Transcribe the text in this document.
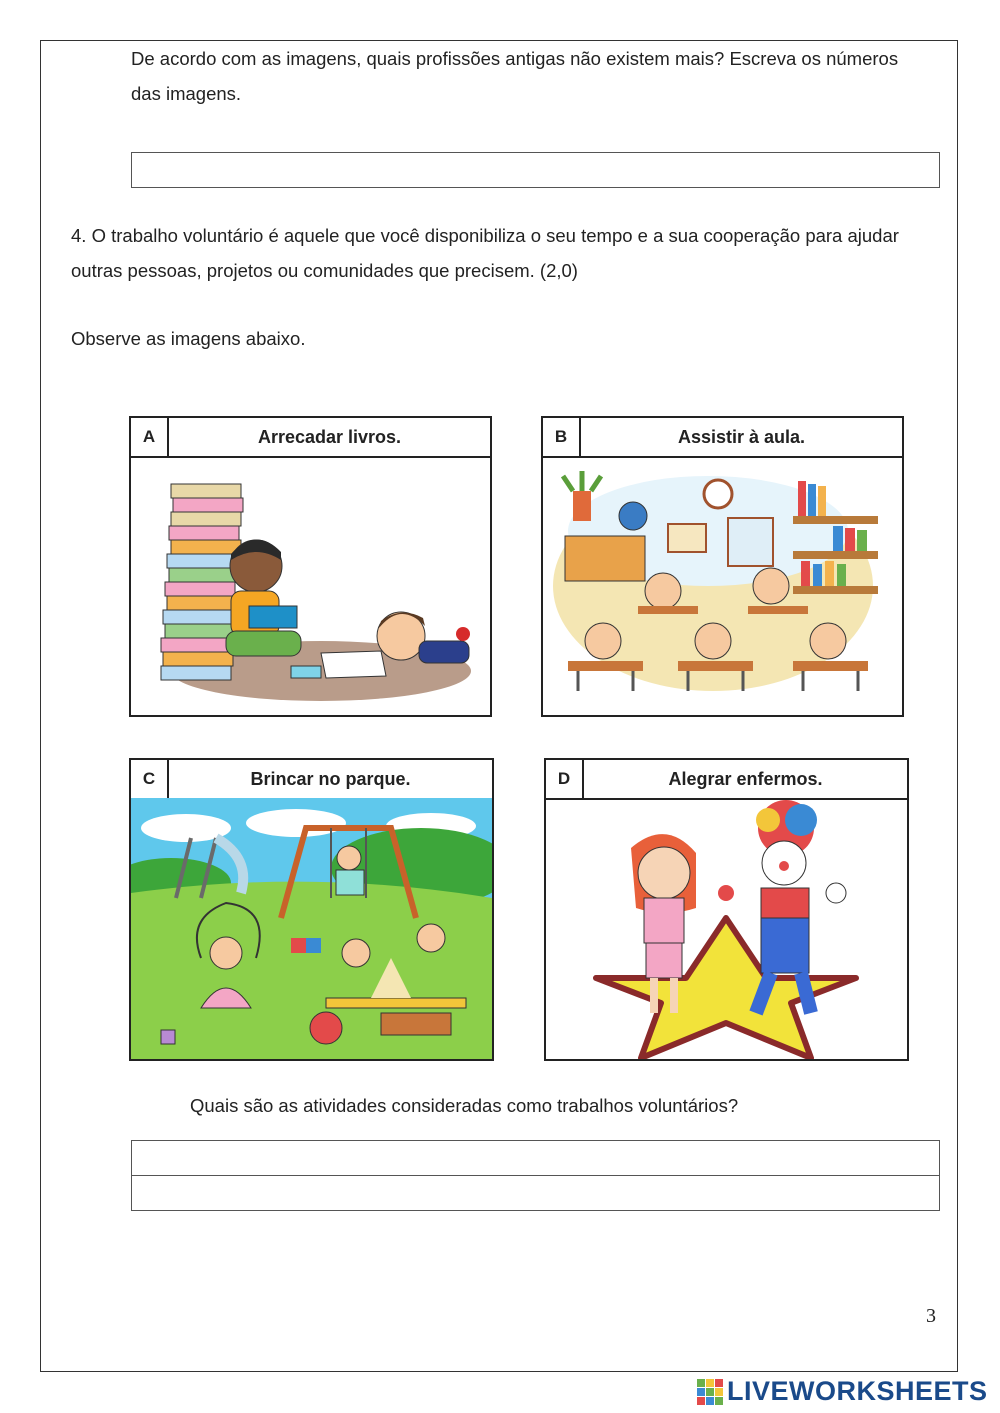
De acordo com as imagens, quais profissões antigas não existem mais? Escreva os números das imagens.
4. O trabalho voluntário é aquele que você disponibiliza o seu tempo e a sua cooperação para ajudar outras pessoas, projetos ou comunidades que precisem. (2,0)
Observe as imagens abaixo.
A	Arrecadar livros.	B	Assistir à aula.
C	Brincar no parque.	D	Alegrar enfermos.
Quais são as atividades consideradas como trabalhos voluntários?
3
LIVEWORKSHEETS
